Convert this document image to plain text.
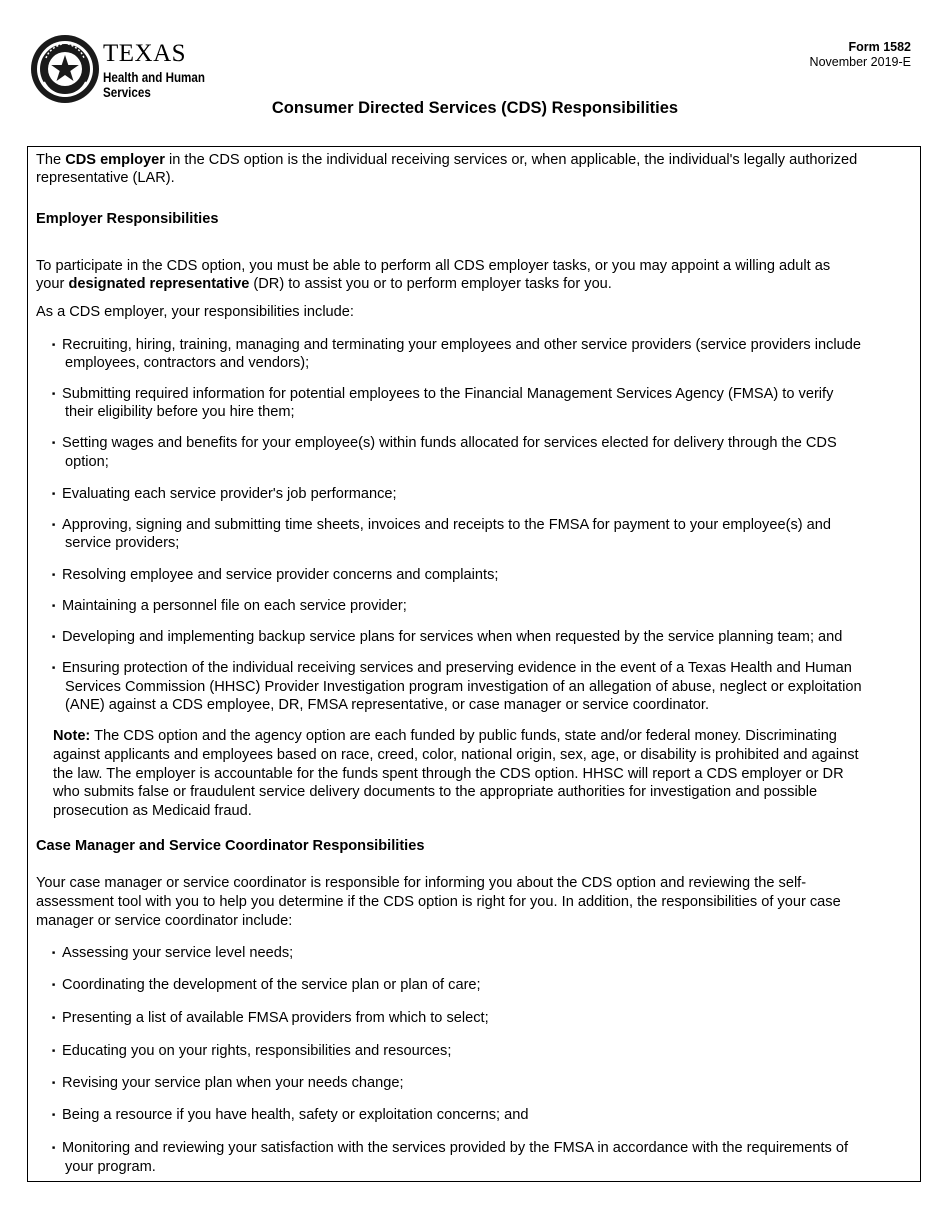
TEXAS
Health and Human
Services
Form 1582
November 2019-E
Consumer Directed Services (CDS) Responsibilities
The CDS employer in the CDS option is the individual receiving services or, when applicable, the individual's legally authorized
representative (LAR).
Employer Responsibilities
To participate in the CDS option, you must be able to perform all CDS employer tasks, or you may appoint a willing adult as
your designated representative (DR) to assist you or to perform employer tasks for you.
As a CDS employer, your responsibilities include:
■ Recruiting, hiring, training, managing and terminating your employees and other service providers (service providers include
employees, contractors and vendors);
■ Submitting required information for potential employees to the Financial Management Services Agency (FMSA) to verify
their eligibility before you hire them;
■ Setting wages and benefits for your employee(s) within funds allocated for services elected for delivery through the CDS
option;
■ Evaluating each service provider's job performance;
■ Approving, signing and submitting time sheets, invoices and receipts to the FMSA for payment to your employee(s) and
service providers;
■ Resolving employee and service provider concerns and complaints;
■ Maintaining a personnel file on each service provider;
■ Developing and implementing backup service plans for services when when requested by the service planning team; and
■ Ensuring protection of the individual receiving services and preserving evidence in the event of a Texas Health and Human
Services Commission (HHSC) Provider Investigation program investigation of an allegation of abuse, neglect or exploitation
(ANE) against a CDS employee, DR, FMSA representative, or case manager or service coordinator.
Note: The CDS option and the agency option are each funded by public funds, state and/or federal money. Discriminating
against applicants and employees based on race, creed, color, national origin, sex, age, or disability is prohibited and against
the law. The employer is accountable for the funds spent through the CDS option. HHSC will report a CDS employer or DR
who submits false or fraudulent service delivery documents to the appropriate authorities for investigation and possible
prosecution as Medicaid fraud.
Case Manager and Service Coordinator Responsibilities
Your case manager or service coordinator is responsible for informing you about the CDS option and reviewing the self-
assessment tool with you to help you determine if the CDS option is right for you. In addition, the responsibilities of your case
manager or service coordinator include:
■ Assessing your service level needs;
■ Coordinating the development of the service plan or plan of care;
■ Presenting a list of available FMSA providers from which to select;
■ Educating you on your rights, responsibilities and resources;
■ Revising your service plan when your needs change;
■ Being a resource if you have health, safety or exploitation concerns; and
■ Monitoring and reviewing your satisfaction with the services provided by the FMSA in accordance with the requirements of
your program.
